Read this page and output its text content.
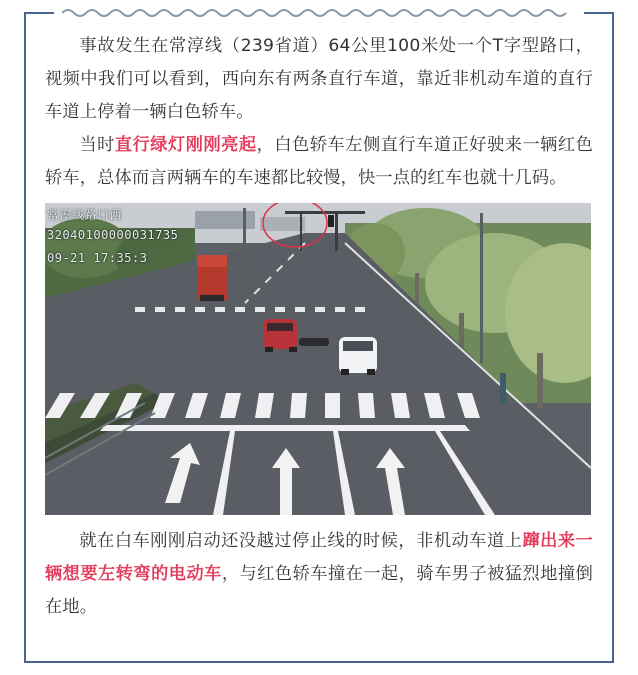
事故发生在常淳线（239省道）64公里100米处一个T字型路口，视频中我们可以看到，西向东有两条直行车道，靠近非机动车道的直行车道上停着一辆白色轿车。

当时直行绿灯刚刚亮起，白色轿车左侧直行车道正好驶来一辆红色轿车，总体而言两辆车的车速都比较慢，快一点的红车也就十几码。

常淳线路口西
32040100000031735
09-21 17:35:3

就在白车刚刚启动还没越过停止线的时候，非机动车道上蹿出来一辆想要左转弯的电动车，与红色轿车撞在一起，骑车男子被猛烈地撞倒在地。
